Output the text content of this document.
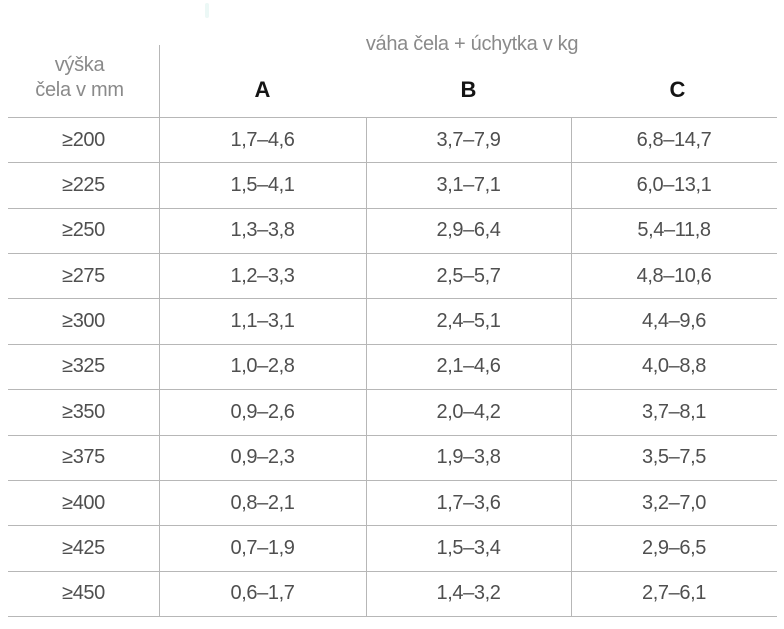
váha čela + úchytka v kg
výška
čela v mm	A	B	C
≥200	1,7–4,6	3,7–7,9	6,8–14,7
≥225	1,5–4,1	3,1–7,1	6,0–13,1
≥250	1,3–3,8	2,9–6,4	5,4–11,8
≥275	1,2–3,3	2,5–5,7	4,8–10,6
≥300	1,1–3,1	2,4–5,1	4,4–9,6
≥325	1,0–2,8	2,1–4,6	4,0–8,8
≥350	0,9–2,6	2,0–4,2	3,7–8,1
≥375	0,9–2,3	1,9–3,8	3,5–7,5
≥400	0,8–2,1	1,7–3,6	3,2–7,0
≥425	0,7–1,9	1,5–3,4	2,9–6,5
≥450	0,6–1,7	1,4–3,2	2,7–6,1
